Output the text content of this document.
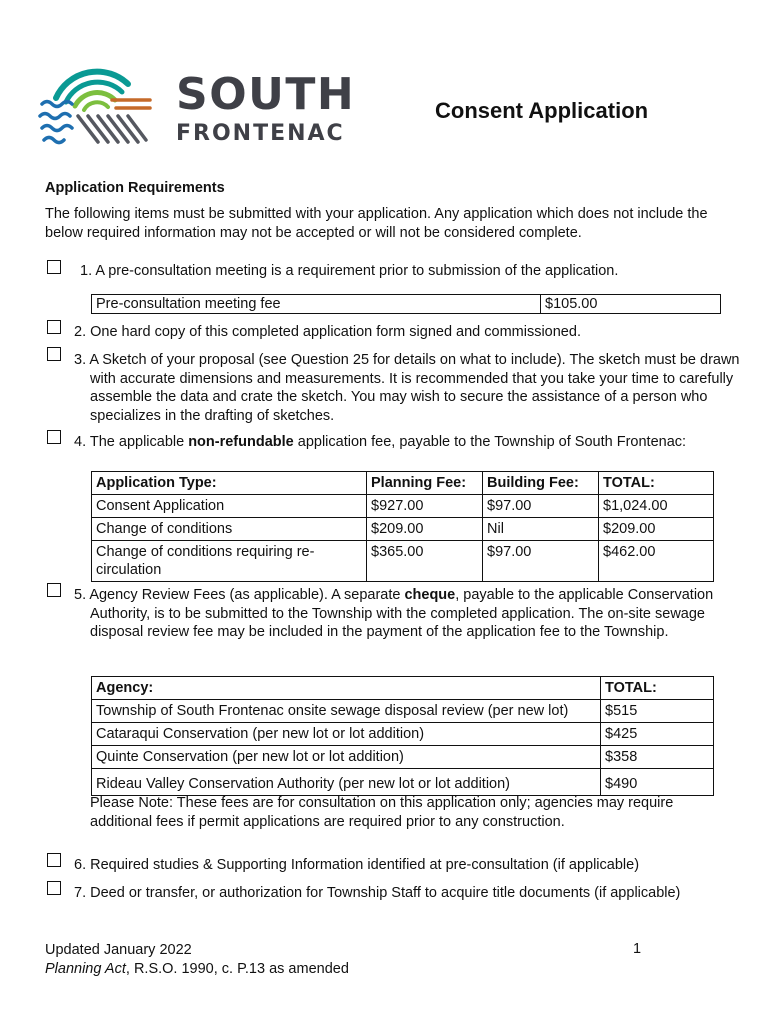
SOUTH
FRONTENAC
Consent Application
Application Requirements
The following items must be submitted with your application. Any application which does not include the below required information may not be accepted or will not be considered complete.
1. A pre-consultation meeting is a requirement prior to submission of the application.
Pre-consultation meeting fee	$105.00
2. One hard copy of this completed application form signed and commissioned.
3. A Sketch of your proposal (see Question 25 for details on what to include). The sketch must be drawn with accurate dimensions and measurements. It is recommended that you take your time to carefully assemble the data and crate the sketch. You may wish to secure the assistance of a person who specializes in the drafting of sketches.
4. The applicable non-refundable application fee, payable to the Township of South Frontenac:
Application Type:	Planning Fee:	Building Fee:	TOTAL:
Consent Application	$927.00	$97.00	$1,024.00
Change of conditions	$209.00	Nil	$209.00
Change of conditions requiring re-circulation	$365.00	$97.00	$462.00
5. Agency Review Fees (as applicable). A separate cheque, payable to the applicable Conservation Authority, is to be submitted to the Township with the completed application. The on-site sewage disposal review fee may be included in the payment of the application fee to the Township.
Agency:	TOTAL:
Township of South Frontenac onsite sewage disposal review (per new lot)	$515
Cataraqui Conservation (per new lot or lot addition)	$425
Quinte Conservation (per new lot or lot addition)	$358
Rideau Valley Conservation Authority (per new lot or lot addition)	$490
Please Note: These fees are for consultation on this application only; agencies may require additional fees if permit applications are required prior to any construction.
6. Required studies & Supporting Information identified at pre-consultation (if applicable)
7. Deed or transfer, or authorization for Township Staff to acquire title documents (if applicable)
Updated January 2022
Planning Act, R.S.O. 1990, c. P.13 as amended
1
